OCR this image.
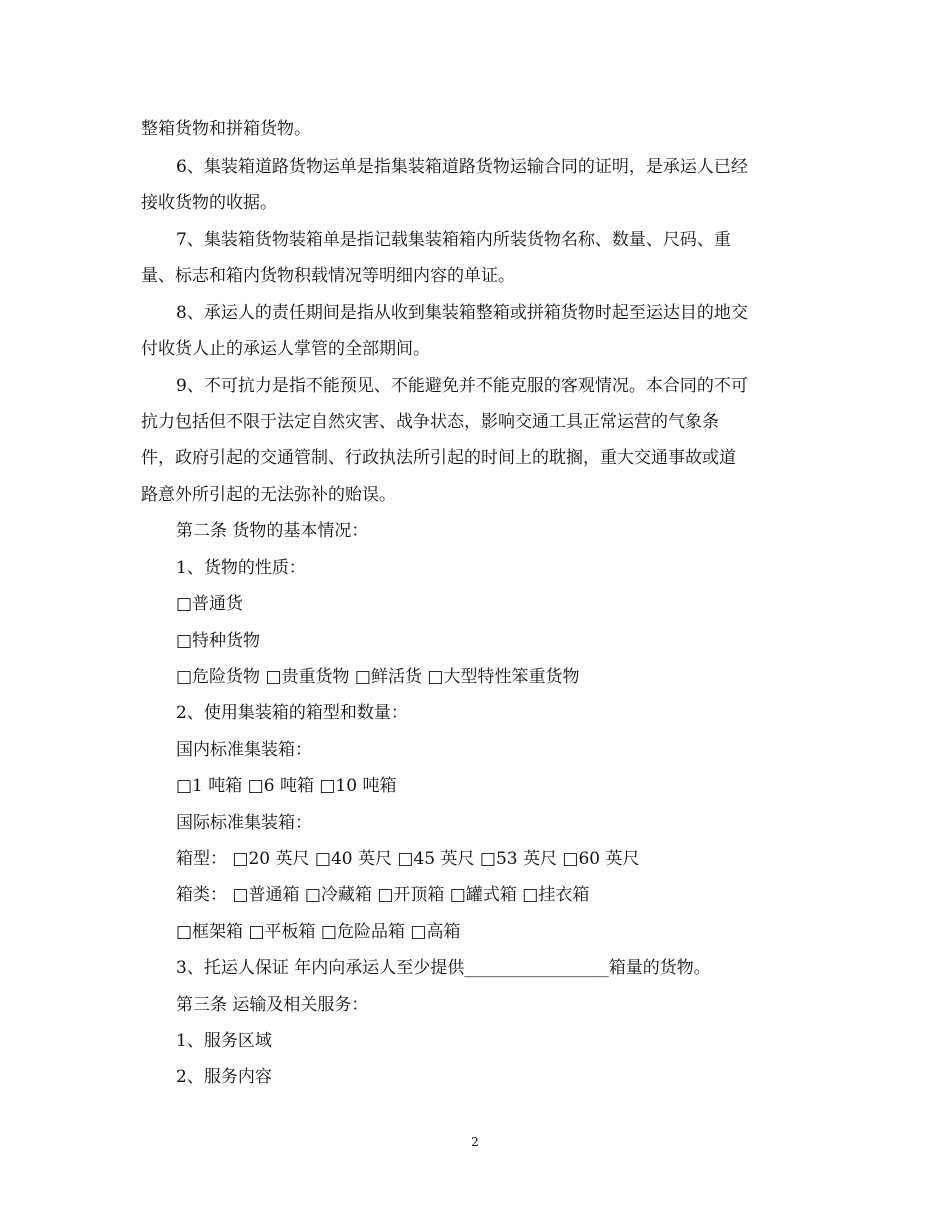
整箱货物和拼箱货物。
6、集装箱道路货物运单是指集装箱道路货物运输合同的证明，是承运人已经
接收货物的收据。
7、集装箱货物装箱单是指记载集装箱箱内所装货物名称、数量、尺码、重
量、标志和箱内货物积载情况等明细内容的单证。
8、承运人的责任期间是指从收到集装箱整箱或拼箱货物时起至运达目的地交
付收货人止的承运人掌管的全部期间。
9、不可抗力是指不能预见、不能避免并不能克服的客观情况。本合同的不可
抗力包括但不限于法定自然灾害、战争状态，影响交通工具正常运营的气象条
件，政府引起的交通管制、行政执法所引起的时间上的耽搁，重大交通事故或道
路意外所引起的无法弥补的贻误。
第二条 货物的基本情况：
1、货物的性质：
□普通货
□特种货物
□危险货物 □贵重货物 □鲜活货 □大型特性笨重货物
2、使用集装箱的箱型和数量：
国内标准集装箱：
□1 吨箱 □6 吨箱 □10 吨箱
国际标准集装箱：
箱型： □20 英尺 □40 英尺 □45 英尺 □53 英尺 □60 英尺
箱类： □普通箱 □冷藏箱 □开顶箱 □罐式箱 □挂衣箱
□框架箱 □平板箱 □危险品箱 □高箱
3、托运人保证 年内向承运人至少提供_________________箱量的货物。
第三条 运输及相关服务：
1、服务区域
2、服务内容
2
